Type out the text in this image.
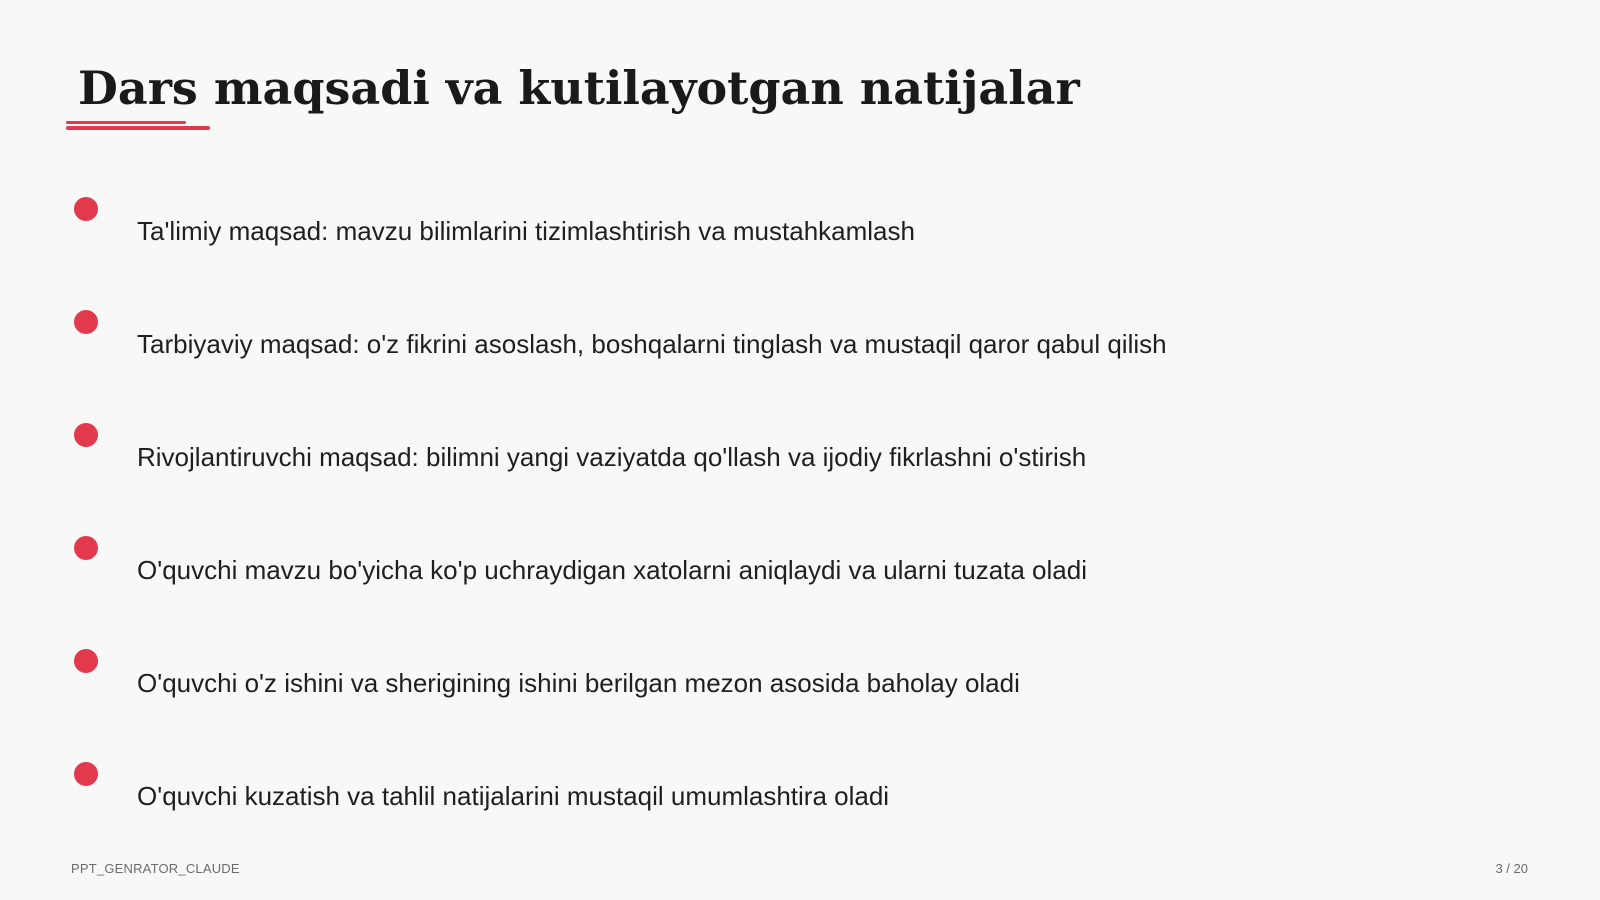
Dars maqsadi va kutilayotgan natijalar
Ta'limiy maqsad: mavzu bilimlarini tizimlashtirish va mustahkamlash
Tarbiyaviy maqsad: o'z fikrini asoslash, boshqalarni tinglash va mustaqil qaror qabul qilish
Rivojlantiruvchi maqsad: bilimni yangi vaziyatda qo'llash va ijodiy fikrlashni o'stirish
O'quvchi mavzu bo'yicha ko'p uchraydigan xatolarni aniqlaydi va ularni tuzata oladi
O'quvchi o'z ishini va sherigining ishini berilgan mezon asosida baholay oladi
O'quvchi kuzatish va tahlil natijalarini mustaqil umumlashtira oladi
PPT_GENRATOR_CLAUDE	3 / 20
